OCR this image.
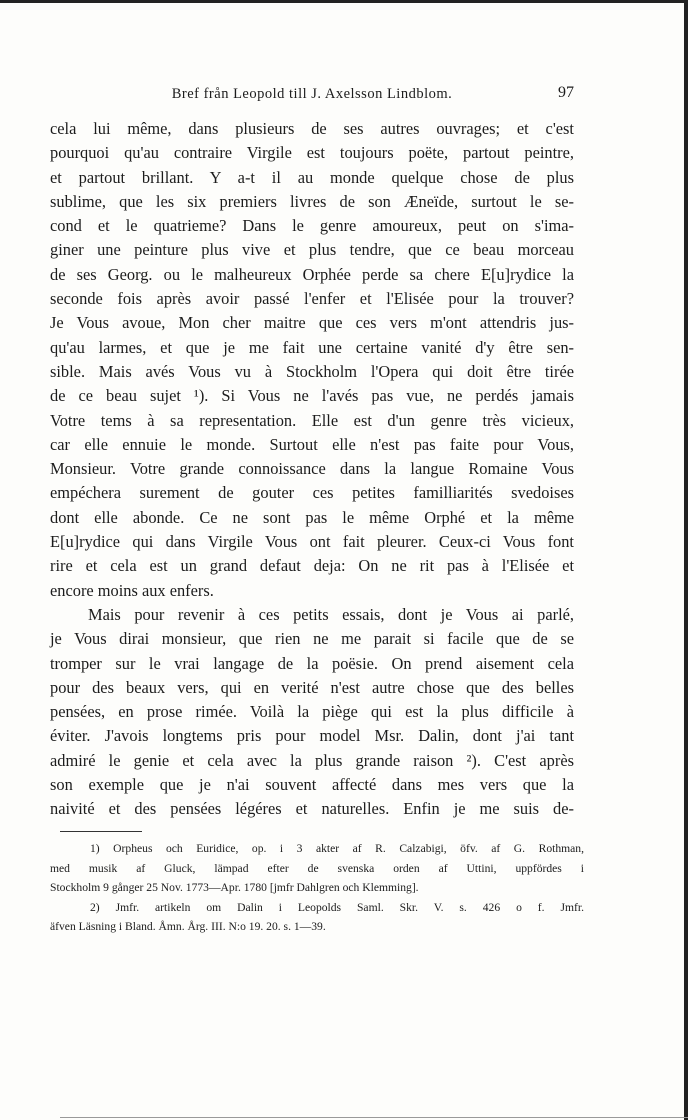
Bref från Leopold till J. Axelsson Lindblom.	97
cela lui même, dans plusieurs de ses autres ouvrages; et c'est
pourquoi qu'au contraire Virgile est toujours poëte, partout peintre,
et partout brillant. Y a-t il au monde quelque chose de plus
sublime, que les six premiers livres de son Æneïde, surtout le se-
cond et le quatrieme? Dans le genre amoureux, peut on s'ima-
giner une peinture plus vive et plus tendre, que ce beau morceau
de ses Georg. ou le malheureux Orphée perde sa chere E[u]rydice la
seconde fois après avoir passé l'enfer et l'Elisée pour la trouver?
Je Vous avoue, Mon cher maitre que ces vers m'ont attendris jus-
qu'au larmes, et que je me fait une certaine vanité d'y être sen-
sible. Mais avés Vous vu à Stockholm l'Opera qui doit être tirée
de ce beau sujet ¹). Si Vous ne l'avés pas vue, ne perdés jamais
Votre tems à sa representation. Elle est d'un genre très vicieux,
car elle ennuie le monde. Surtout elle n'est pas faite pour Vous,
Monsieur. Votre grande connoissance dans la langue Romaine Vous
empéchera surement de gouter ces petites familliarités svedoises
dont elle abonde. Ce ne sont pas le même Orphé et la même
E[u]rydice qui dans Virgile Vous ont fait pleurer. Ceux-ci Vous font
rire et cela est un grand defaut deja: On ne rit pas à l'Elisée et
encore moins aux enfers.
Mais pour revenir à ces petits essais, dont je Vous ai parlé,
je Vous dirai monsieur, que rien ne me parait si facile que de se
tromper sur le vrai langage de la poësie. On prend aisement cela
pour des beaux vers, qui en verité n'est autre chose que des belles
pensées, en prose rimée. Voilà la piège qui est la plus difficile à
éviter. J'avois longtems pris pour model Msr. Dalin, dont j'ai tant
admiré le genie et cela avec la plus grande raison ²). C'est après
son exemple que je n'ai souvent affecté dans mes vers que la
naivité et des pensées légéres et naturelles. Enfin je me suis de-
1) Orpheus och Euridice, op. i 3 akter af R. Calzabigi, öfv. af G. Rothman,
med musik af Gluck, lämpad efter de svenska orden af Uttini, uppfördes i
Stockholm 9 gånger 25 Nov. 1773—Apr. 1780 [jmfr Dahlgren och Klemming].
2) Jmfr. artikeln om Dalin i Leopolds Saml. Skr. V. s. 426 o f. Jmfr.
äfven Läsning i Bland. Åmn. Årg. III. N:o 19. 20. s. 1—39.
